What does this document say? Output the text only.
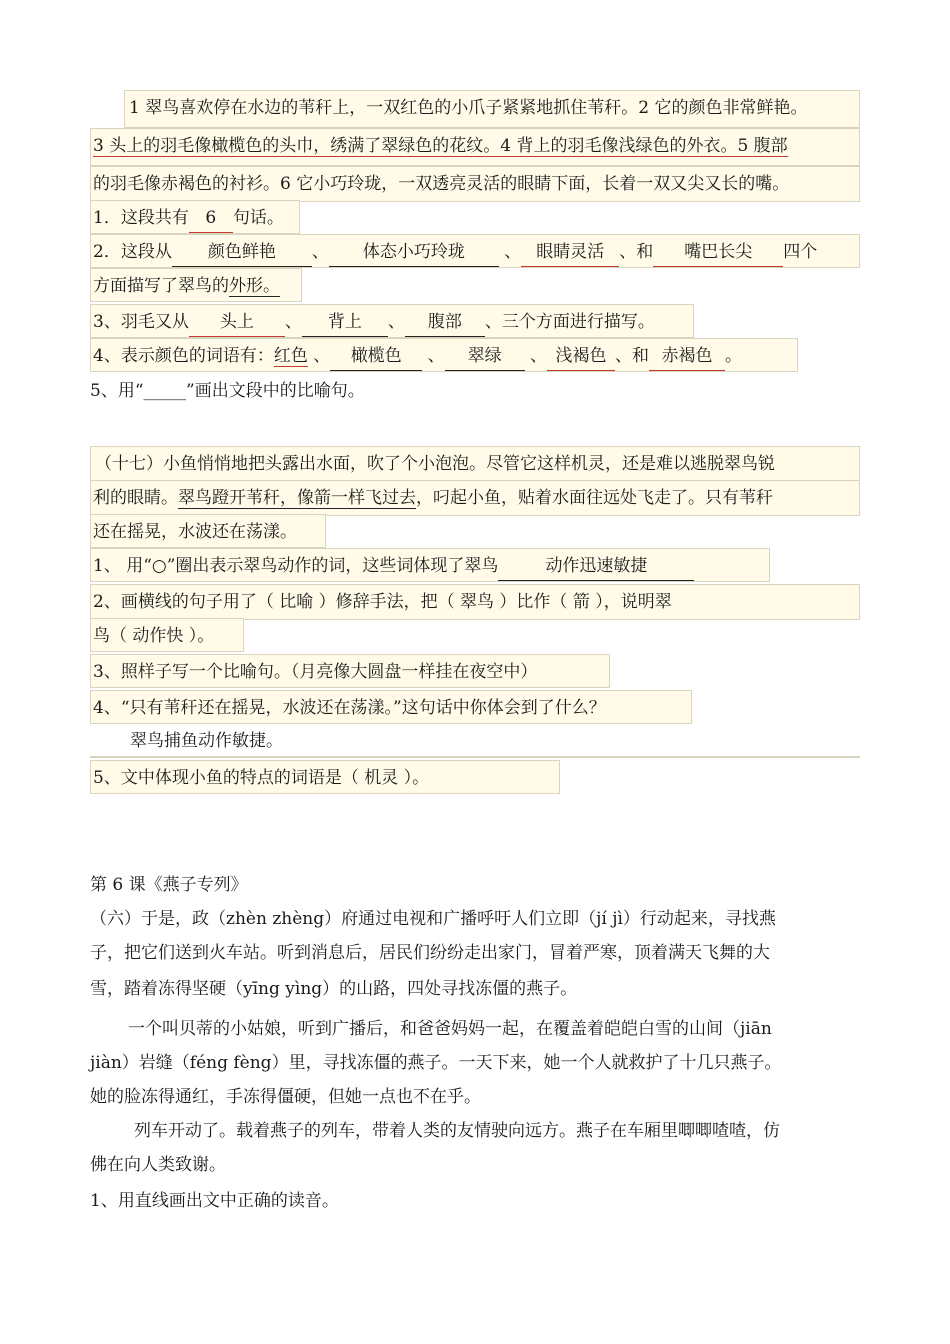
1 翠鸟喜欢停在水边的苇秆上，一双红色的小爪子紧紧地抓住苇秆。2 它的颜色非常鲜艳。
3 头上的羽毛像橄榄色的头巾，绣满了翠绿色的花纹。4 背上的羽毛像浅绿色的外衣。5 腹部
的羽毛像赤褐色的衬衫。6 它小巧玲珑，一双透亮灵活的眼睛下面，长着一双又尖又长的嘴。
1．这段共有 6 句话。
2．这段从 颜色鲜艳 、 体态小巧玲珑 、 眼睛灵活 、和 嘴巴长尖 四个
方面描写了翠鸟的外形。
3、羽毛又从 头上 、 背上 、 腹部 、三个方面进行描写。
4、表示颜色的词语有：红色 、 橄榄色 、 翠绿 、 浅褐色 、和 赤褐色 。
5、用“_____”画出文段中的比喻句。
（十七）小鱼悄悄地把头露出水面，吹了个小泡泡。尽管它这样机灵，还是难以逃脱翠鸟锐
利的眼睛。翠鸟蹬开苇秆，像箭一样飞过去，叼起小鱼，贴着水面往远处飞走了。只有苇秆
还在摇晃，水波还在荡漾。
1、 用“○”圈出表示翠鸟动作的词，这些词体现了翠鸟	动作迅速敏捷
2、画横线的句子用了（ 比喻 ）修辞手法，把（ 翠鸟 ）比作（ 箭 ），说明翠
鸟（ 动作快 ）。
3、照样子写一个比喻句。（月亮像大圆盘一样挂在夜空中）
4、“只有苇秆还在摇晃，水波还在荡漾。”这句话中你体会到了什么？
翠鸟捕鱼动作敏捷。
5、文中体现小鱼的特点的词语是（ 机灵 ）。
第 6 课《燕子专列》
（六）于是，政（zhèn zhèng）府通过电视和广播呼吁人们立即（jí jì）行动起来，寻找燕
子，把它们送到火车站。听到消息后，居民们纷纷走出家门，冒着严寒，顶着满天飞舞的大
雪，踏着冻得坚硬（yīng yìng）的山路，四处寻找冻僵的燕子。
一个叫贝蒂的小姑娘，听到广播后，和爸爸妈妈一起，在覆盖着皑皑白雪的山间（jiān
jiàn）岩缝（féng fèng）里，寻找冻僵的燕子。一天下来，她一个人就救护了十几只燕子。
她的脸冻得通红，手冻得僵硬，但她一点也不在乎。
列车开动了。载着燕子的列车，带着人类的友情驶向远方。燕子在车厢里唧唧喳喳，仿
佛在向人类致谢。
1、用直线画出文中正确的读音。
